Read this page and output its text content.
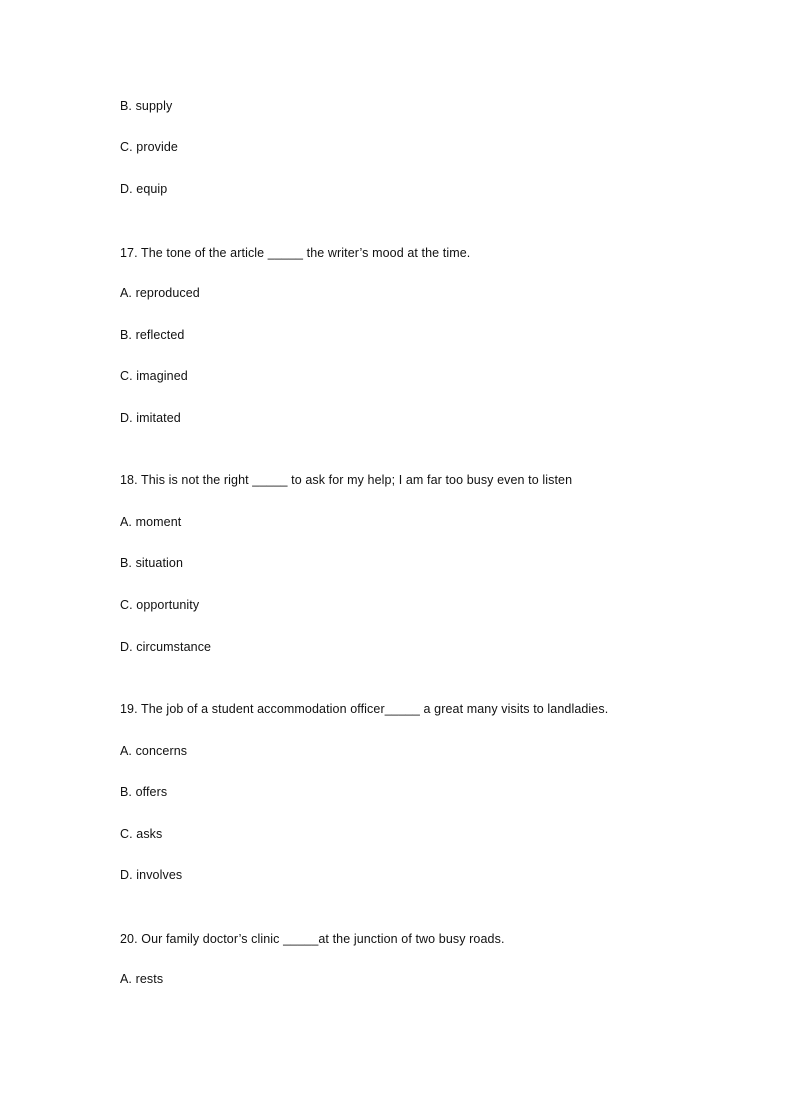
B. supply
C. provide
D. equip
17. The tone of the article _____ the writer’s mood at the time.
A. reproduced
B. reflected
C. imagined
D. imitated
18. This is not the right _____ to ask for my help; I am far too busy even to listen
A. moment
B. situation
C. opportunity
D. circumstance
19. The job of a student accommodation officer_____ a great many visits to landladies.
A. concerns
B. offers
C. asks
D. involves
20. Our family doctor’s clinic _____at the junction of two busy roads.
A. rests
